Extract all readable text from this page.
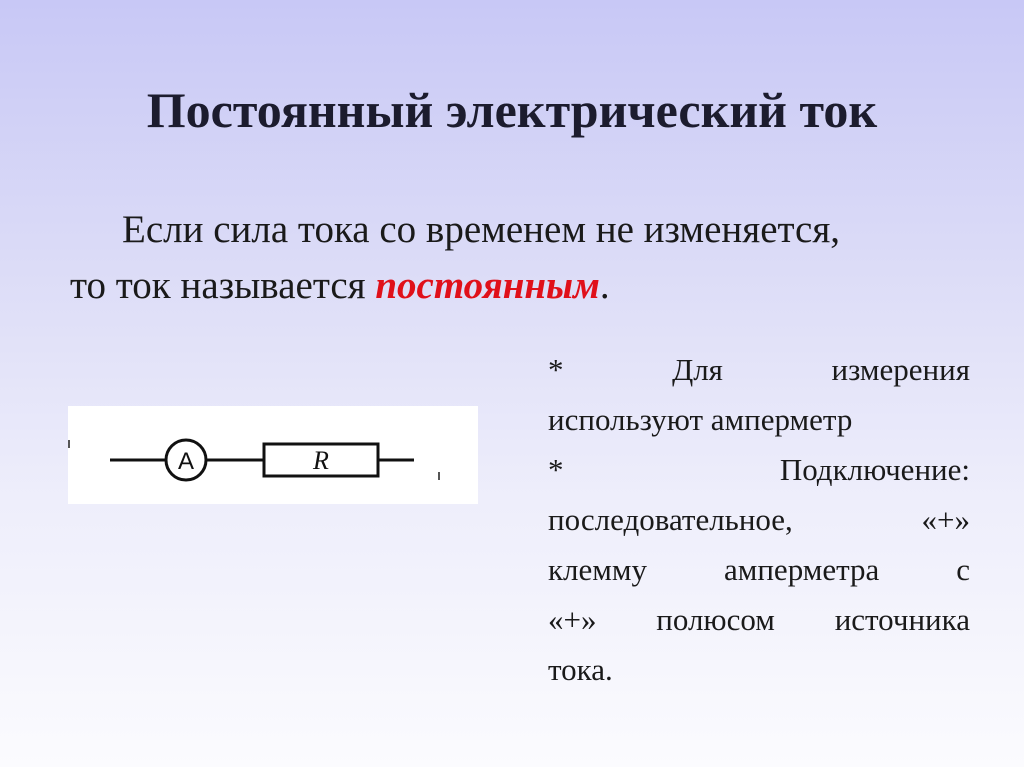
Постоянный электрический ток
Если сила тока со временем не изменяется,
то ток называется постоянным.
A	R
*	Для	измерения
используют амперметр
*	Подключение:
последовательное,	«+»
клемму амперметра с
«+» полюсом источника
тока.
